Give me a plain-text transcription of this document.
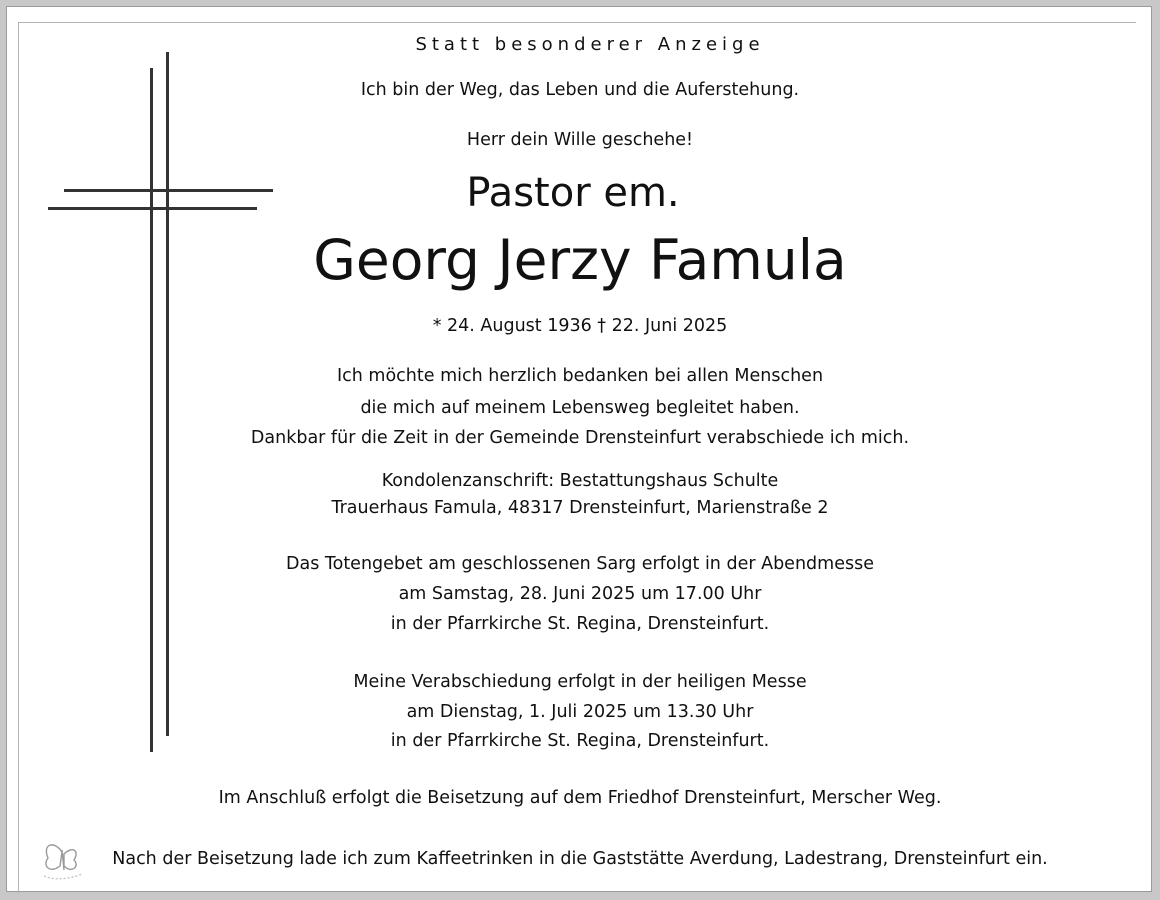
Statt besonderer Anzeige
Ich bin der Weg, das Leben und die Auferstehung.
Herr dein Wille geschehe!
Pastor em.
Georg Jerzy Famula
* 24. August 1936 † 22. Juni 2025
Ich möchte mich herzlich bedanken bei allen Menschen
die mich auf meinem Lebensweg begleitet haben.
Dankbar für die Zeit in der Gemeinde Drensteinfurt verabschiede ich mich.
Kondolenzanschrift: Bestattungshaus Schulte
Trauerhaus Famula, 48317 Drensteinfurt, Marienstraße 2
Das Totengebet am geschlossenen Sarg erfolgt in der Abendmesse
am Samstag, 28. Juni 2025 um 17.00 Uhr
in der Pfarrkirche St. Regina, Drensteinfurt.
Meine Verabschiedung erfolgt in der heiligen Messe
am Dienstag, 1. Juli 2025 um 13.30 Uhr
in der Pfarrkirche St. Regina, Drensteinfurt.
Im Anschluß erfolgt die Beisetzung auf dem Friedhof Drensteinfurt, Merscher Weg.
Nach der Beisetzung lade ich zum Kaffeetrinken in die Gaststätte Averdung, Ladestrang, Drensteinfurt ein.
